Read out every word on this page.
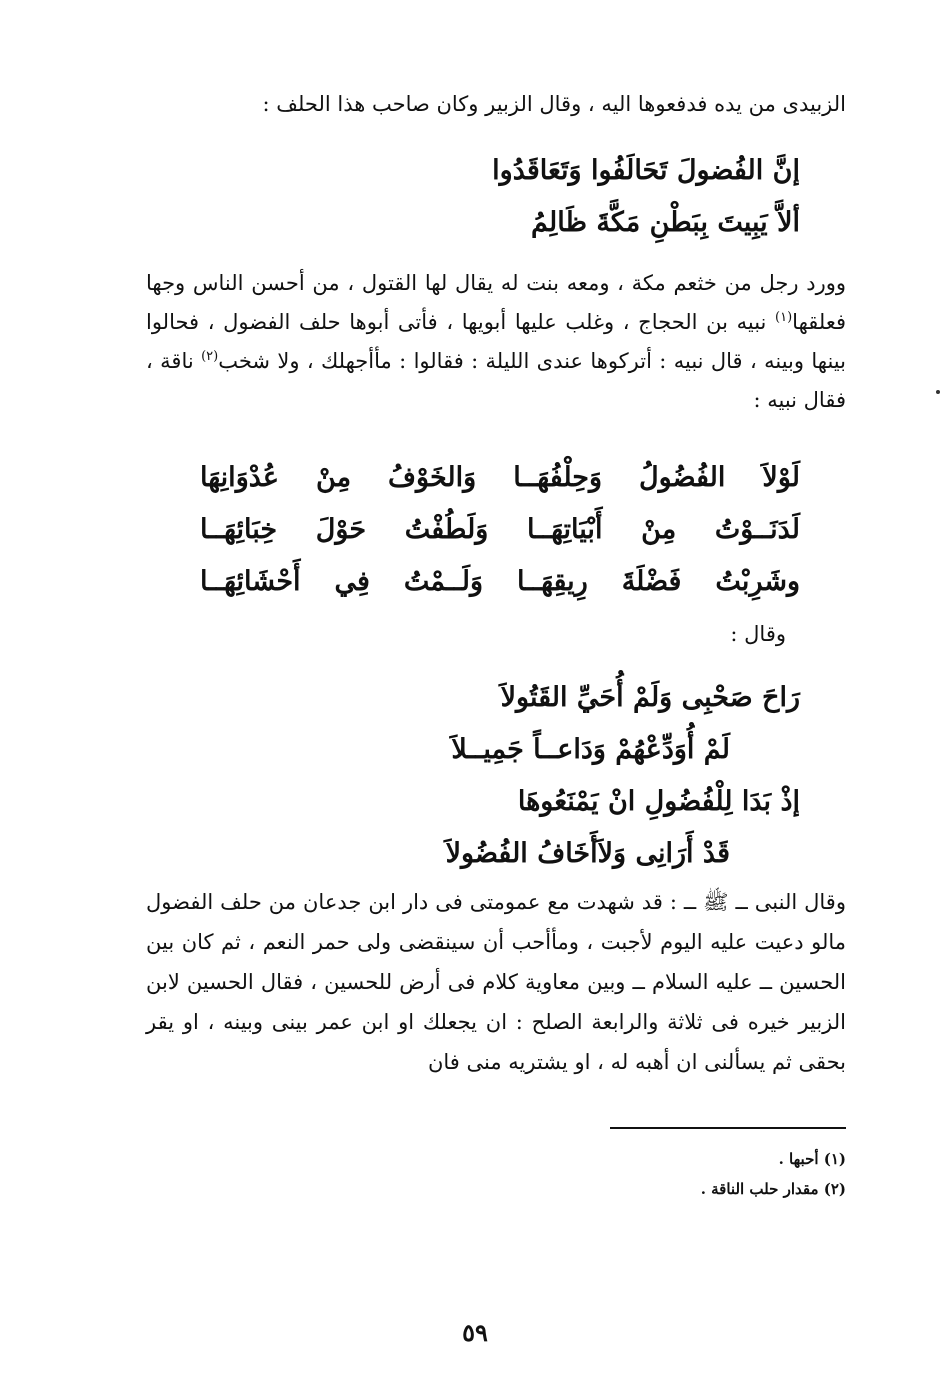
الزبيدى من يده فدفعوها اليه ، وقال الزبير وكان صاحب هذا الحلف :

إنَّ الفُضولَ تَحَالَفُوا وَتَعَاقَدُوا
ألاَّ يَبِيتَ بِبَطْنِ مَكَّةَ ظَالِمُ

وورد رجل من خثعم مكة ، ومعه بنت له يقال لها القتول ، من أحسن الناس وجها فعلقها$^{(١)}$ نبيه بن الحجاج ، وغلب عليها أبويها ، فأتى أبوها حلف الفضول ، فحالوا بينها وبينه ، قال نبيه : أتركوها عندى الليلة : فقالوا : مأأجهلك ، ولا شخب$^{(٢)}$ ناقة ، فقال نبيه :

لَوْلاَ الفُضُولُ وَحِلْفُهَــا وَالخَوْفُ مِنْ عُدْوَانِهَا
لَدَنَــوْتُ مِنْ أَبْيَاتِهَــا وَلَطُفْتُ حَوْلَ خِبَائِهَــا
وشَرِبْتُ فَضْلَةَ رِيقِهَــا وَلَــمْتُ فِي أَحْشَائِهَــا

وقال :

رَاحَ صَحْبِى وَلَمْ أُحَيِّ القَتُولاَ
لَمْ أُوَدِّعْهُمْ وَدَاعــاً جَمِيــلاَ
إذْ بَدَا لِلْفُضُولِ انْ يَمْنَعُوهَا
قَدْ أَرَانِى وَلاَأَخَافُ الفُضُولاَ

وقال النبى ــ ﷺ ــ : قد شهدت مع عمومتى فى دار ابن جدعان من حلف الفضول مالو دعيت عليه اليوم لأجبت ، ومأأحب أن سينقضى ولى حمر النعم ، ثم كان بين الحسين ــ عليه السلام ــ وبين معاوية كلام فى أرض للحسين ، فقال الحسين لابن الزبير خيره فى ثلاثة والرابعة الصلح : ان يجعلك او ابن عمر بينى وبينه ، او يقر بحقى ثم يسألنى ان أهبه له ، او يشتريه منى فان

(١) أحبها .
(٢) مقدار حلب الناقة .
٥٩
